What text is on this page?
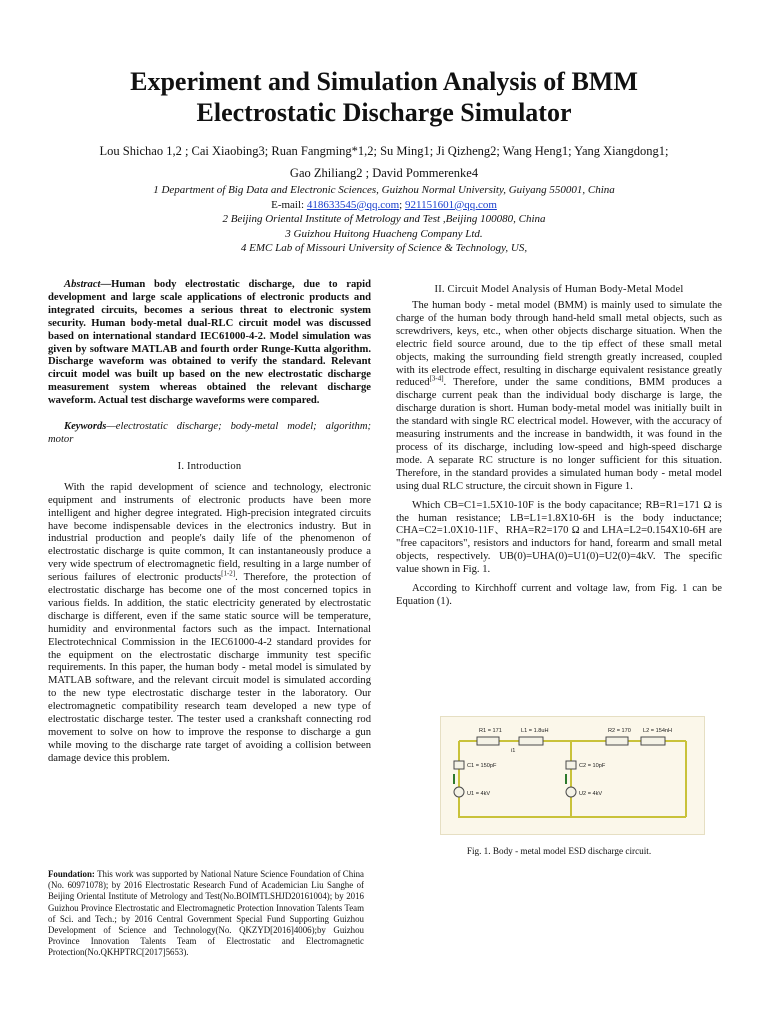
Experiment and Simulation Analysis of BMM
Electrostatic Discharge Simulator
Lou Shichao 1,2 ; Cai Xiaobing3; Ruan Fangming*1,2; Su Ming1; Ji Qizheng2; Wang Heng1; Yang Xiangdong1;
Gao Zhiliang2 ; David Pommerenke4
1 Department of Big Data and Electronic Sciences, Guizhou Normal University, Guiyang 550001, China
E-mail: 418633545@qq.com; 921151601@qq.com
2 Beijing Oriental Institute of Metrology and Test ,Beijing 100080, China
3 Guizhou Huitong Huacheng Company Ltd.
4 EMC Lab of Missouri University of Science & Technology, US,

Abstract—Human body electrostatic discharge, due to rapid development and large scale applications of electronic products and integrated circuits, becomes a serious threat to electronic system security. Human body-metal dual-RLC circuit model was discussed based on international standard IEC61000-4-2. Model simulation was given by software MATLAB and fourth order Runge-Kutta algorithm. Discharge waveform was obtained to verify the standard. Relevant circuit model was built up based on the new electrostatic discharge measurement system whereas obtained the relevant discharge waveform. Actual test discharge waveforms were compared.

Keywords—electrostatic discharge; body-metal model; algorithm; motor

I. Introduction

With the rapid development of science and technology, electronic equipment and instruments of electronic products have been more intelligent and higher degree integrated. High-precision integrated circuits have become indispensable devices in the electronics industry. But in industrial production and people's daily life of the phenomenon of electrostatic discharge is quite common, It can instantaneously produce a very wide spectrum of electromagnetic field, resulting in a large number of serious failures of electronic products[1-2]. Therefore, the protection of electrostatic discharge has become one of the most concerned topics in various fields. In addition, the static electricity generated by electrostatic discharge is different, even if the same static source will be temperature, humidity and environmental factors such as the impact. International Electrotechnical Commission in the IEC61000-4-2 standard provides for the equipment on the electrostatic discharge immunity test specific requirements. In this paper, the human body - metal model is simulated by MATLAB software, and the relevant circuit model is simulated according to the new type electrostatic discharge tester in the laboratory. Our electromagnetic compatibility research team developed a new type of electrostatic discharge tester. The tester used a crankshaft connecting rod movement to solve on how to improve the response to discharge a gun while moving to the discharge rate target of avoiding a collision between damage device this problem.

II. Circuit Model Analysis of Human Body-Metal Model

The human body - metal model (BMM) is mainly used to simulate the charge of the human body through hand-held small metal objects, such as screwdrivers, keys, etc., when other objects discharge situation. When the electric field source around, due to the tip effect of these small metal objects, making the surrounding field strength greatly increased, coupled with its electrode effect, resulting in discharge equivalent resistance greatly reduced[3-4]. Therefore, under the same conditions, BMM produces a discharge current peak than the individual body discharge is large, the discharge duration is short. Human body-metal model was initially built in the standard with single RC electrical model. However, with the accuracy of measuring instruments and the increase in bandwidth, it was found in the process of its discharge, including low-speed and high-speed discharge mode. A separate RC structure is no longer sufficient for this situation. Therefore, in the standard provides a simulated human body - metal model using dual RLC structure, the circuit shown in Figure 1.

Which CB=C1=1.5X10-10F is the body capacitance; RB=R1=171 Ω is the human resistance; LB=L1=1.8X10-6H is the body inductance; CHA=C2=1.0X10-11F、RHA=R2=170 Ω and LHA=L2=0.154X10-6H are "free capacitors", resistors and inductors for hand, forearm and small metal objects, respectively. UB(0)=UHA(0)=U1(0)=U2(0)=4kV. The specific value shown in Fig. 1.

According to Kirchhoff current and voltage law, from Fig. 1 can be Equation (1).

R1 = 171	L1 = 1.8uH	R2 = 170 L2 = 154nH
C1 = 150pF	C2 = 10pF
U1 = 4kV	U2 = 4kV
i1
Fig. 1. Body - metal model ESD discharge circuit.
Foundation: This work was supported by National Nature Science Foundation of China (No. 60971078); by 2016 Electrostatic Research Fund of Academician Liu Sanghe of Beijing Oriental Institute of Metrology and Test(No.BOIMTLSHJD20161004); by 2016 Guizhou Province Electrostatic and Electromagnetic Protection Innovation Talents Team of Sci. and Tech.; by 2016 Central Government Special Fund Supporting Guizhou Development of Science and Technology(No. QKZYD[2016]4006);by Guizhou Province Innovation Talents Team of Electrostatic and Electromagnetic Protection(No.QKHPTRC[2017]5653).
